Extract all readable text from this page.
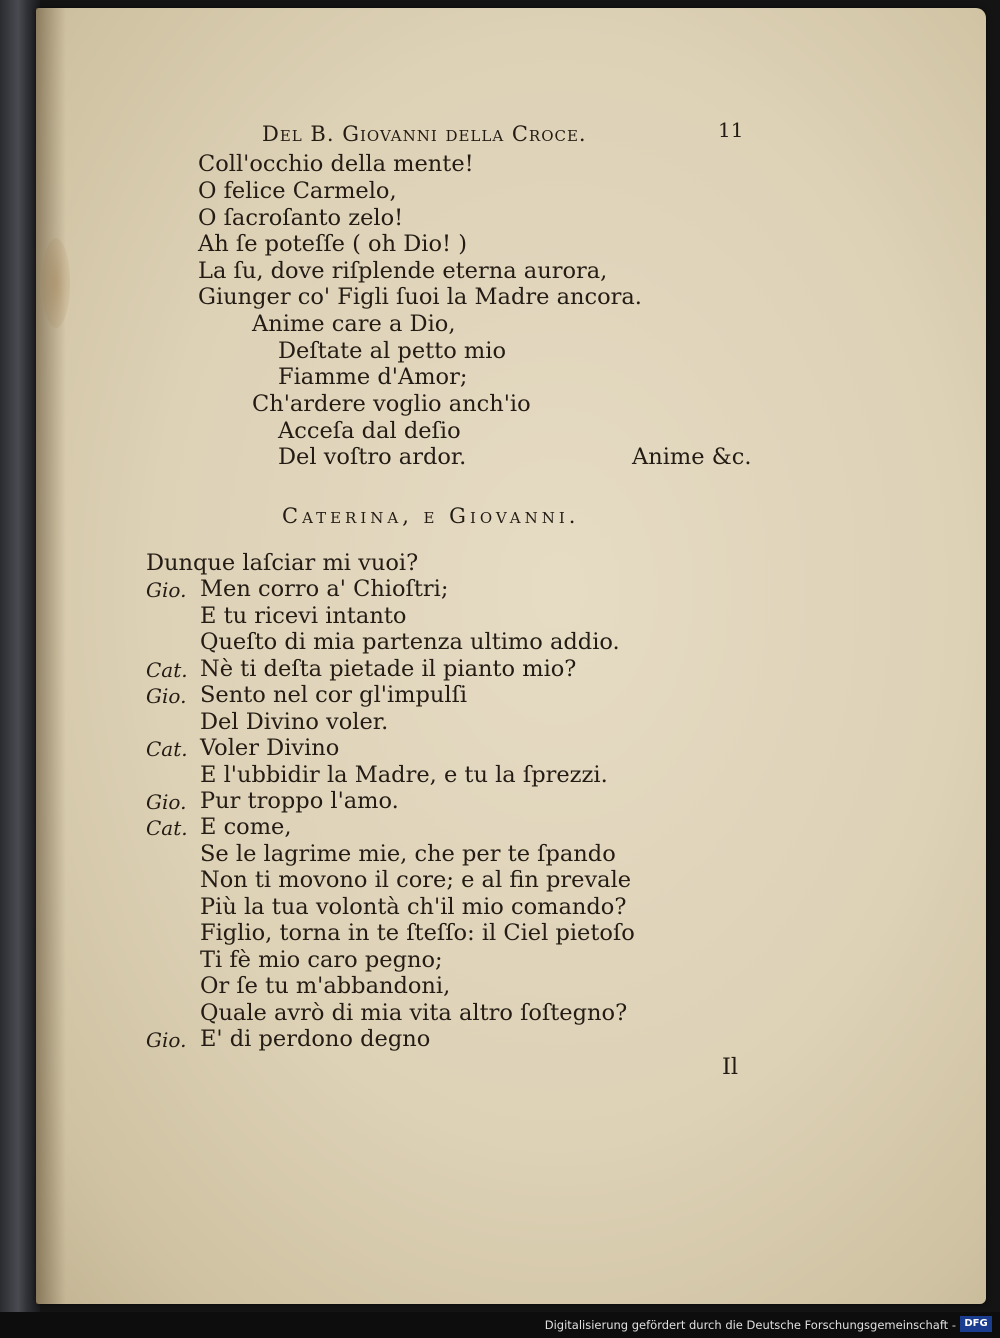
Del B. Giovanni della Croce.	11
Coll'occhio della mente!
O felice Carmelo,
O ſacroſanto zelo!
Ah ſe poteſſe ( oh Dio! )
La ſu, dove riſplende eterna aurora,
Giunger co' Figli ſuoi la Madre ancora.
Anime care a Dio,
Deſtate al petto mio
Fiamme d'Amor;
Ch'ardere voglio anch'io
Acceſa dal deſio
Del voſtro ardor.	Anime &c.
Caterina, e Giovanni.
Dunque laſciar mi vuoi?
Gio. Men corro a' Chioſtri;
E tu ricevi intanto
Queſto di mia partenza ultimo addio.
Cat. Nè ti deſta pietade il pianto mio?
Gio. Sento nel cor gl'impulſi
Del Divino voler.
Cat. Voler Divino
E l'ubbidir la Madre, e tu la ſprezzi.
Gio. Pur troppo l'amo.
Cat. E come,
Se le lagrime mie, che per te ſpando
Non ti movono il core; e al fin prevale
Più la tua volontà ch'il mio comando?
Figlio, torna in te ſteſſo: il Ciel pietoſo
Ti fè mio caro pegno;
Or ſe tu m'abbandoni,
Quale avrò di mia vita altro ſoſtegno?
Gio. E' di perdono degno
Il
Digitalisierung gefördert durch die Deutsche Forschungsgemeinschaft - DFG
